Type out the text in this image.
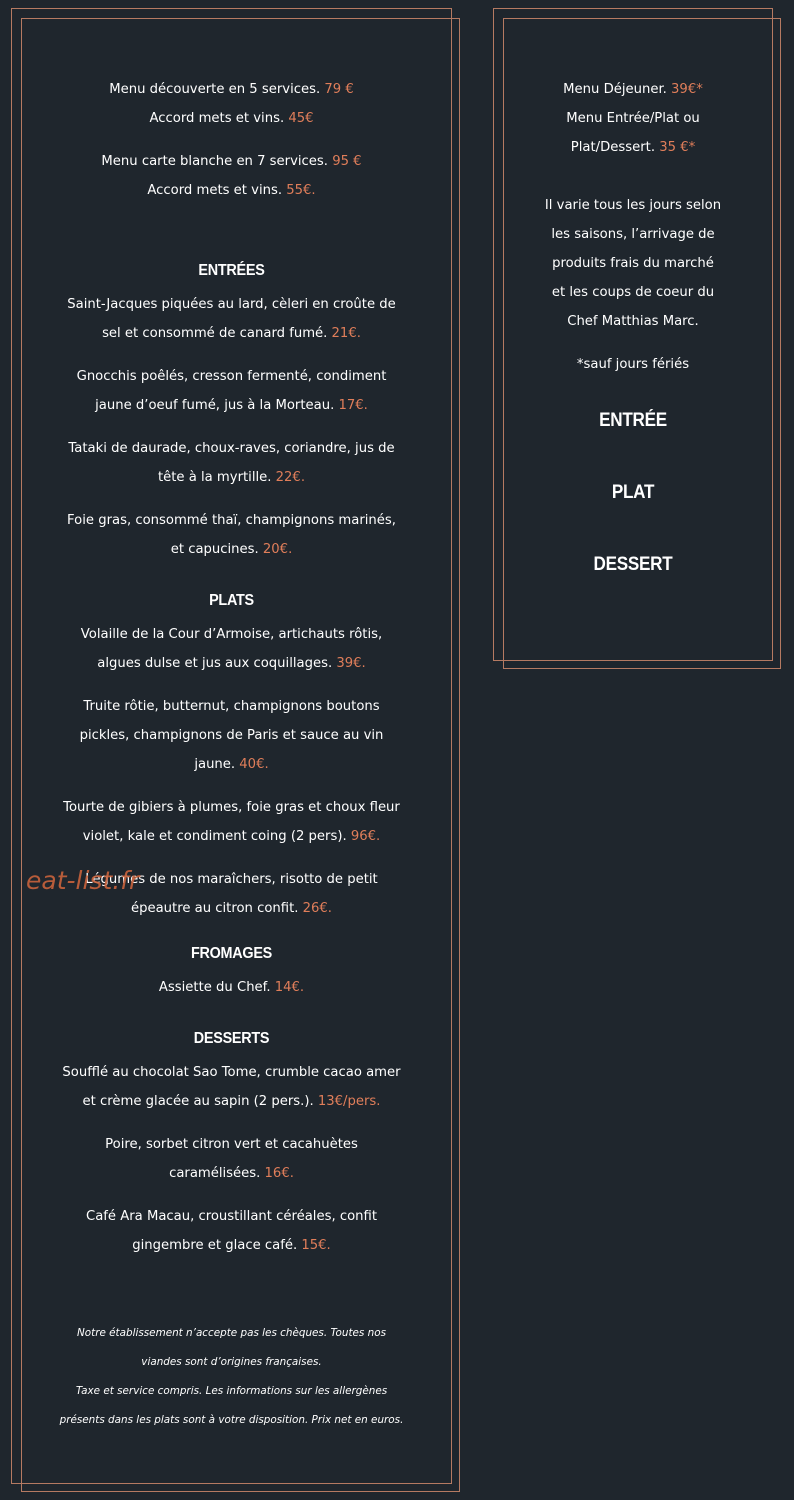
Menu découverte en 5 services. 79 €
Accord mets et vins. 45€
Menu carte blanche en 7 services. 95 €
Accord mets et vins. 55€.
ENTRÉES
Saint-Jacques piquées au lard, cèleri en croûte de
sel et consommé de canard fumé. 21€.
Gnocchis poêlés, cresson fermenté, condiment
jaune d’oeuf fumé, jus à la Morteau. 17€.
Tataki de daurade, choux-raves, coriandre, jus de
tête à la myrtille. 22€.
Foie gras, consommé thaï, champignons marinés,
et capucines. 20€.
PLATS
Volaille de la Cour d’Armoise, artichauts rôtis,
algues dulse et jus aux coquillages. 39€.
Truite rôtie, butternut, champignons boutons
pickles, champignons de Paris et sauce au vin
jaune. 40€.
Tourte de gibiers à plumes, foie gras et choux fleur
violet, kale et condiment coing (2 pers). 96€.
Légumes de nos maraîchers, risotto de petit
épeautre au citron confit. 26€.
FROMAGES
Assiette du Chef. 14€.
DESSERTS
Soufflé au chocolat Sao Tome, crumble cacao amer
et crème glacée au sapin (2 pers.). 13€/pers.
Poire, sorbet citron vert et cacahuètes
caramélisées. 16€.
Café Ara Macau, croustillant céréales, confit
gingembre et glace café. 15€.
Notre établissement n’accepte pas les chèques. Toutes nos
viandes sont d’origines françaises.
Taxe et service compris. Les informations sur les allergènes
présents dans les plats sont à votre disposition. Prix net en euros.
eat-list.fr
Menu Déjeuner. 39€*
Menu Entrée/Plat ou
Plat/Dessert. 35 €*
Il varie tous les jours selon
les saisons, l’arrivage de
produits frais du marché
et les coups de coeur du
Chef Matthias Marc.
*sauf jours fériés
ENTRÉE
PLAT
DESSERT
